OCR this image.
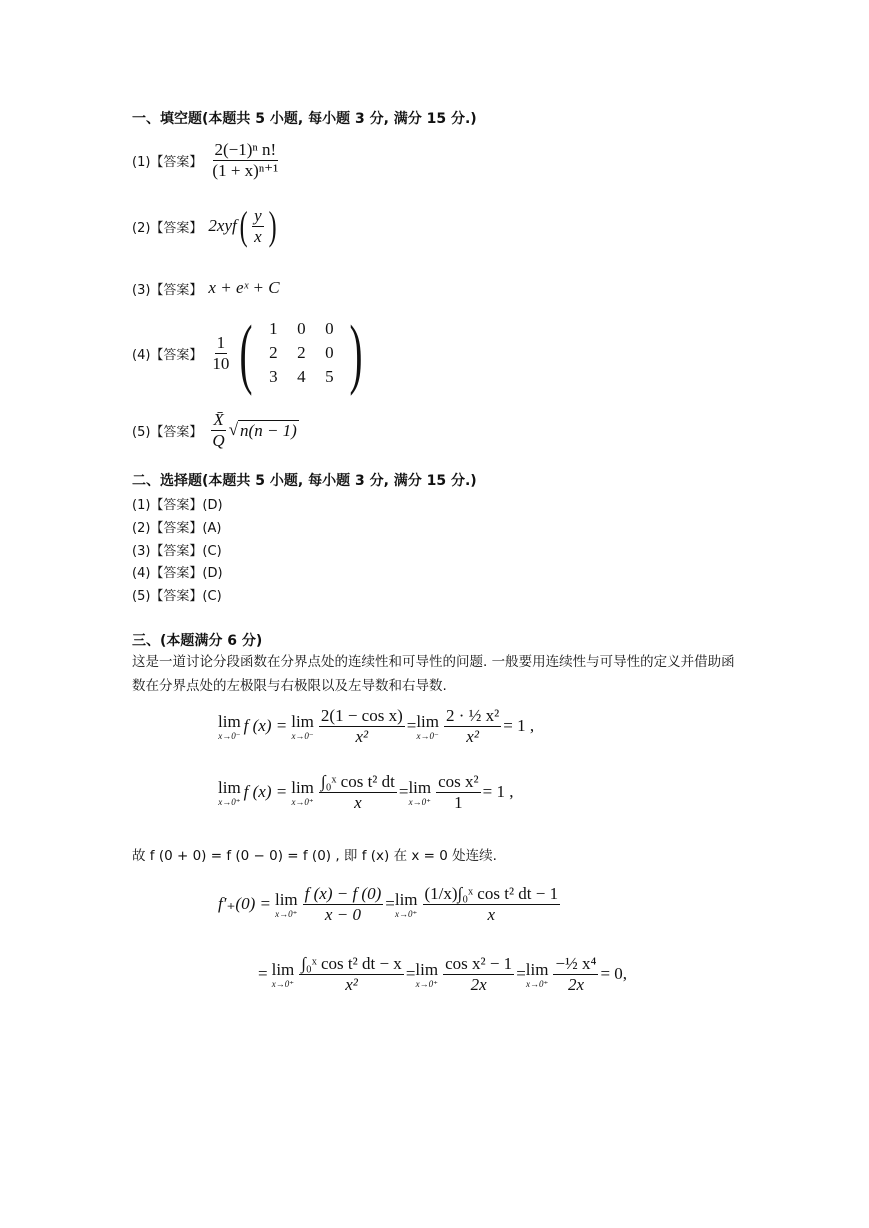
一、填空题(本题共 5 小题, 每小题 3 分, 满分 15 分.)
(1)【答案】 $\frac{\text{2(−1)ⁿ n!}}{\text{(1 + x)ⁿ⁺¹}}$
(2)【答案】 2xyf ( $\frac{y}{x}$ )
(3)【答案】 x + eˣ + C
(4)【答案】 $\frac{1}{10}$ ( 1	0	0
2	2	0
3	4	5 )
(5)【答案】 $\frac{X̄}{Q}$ √ n(n − 1)
二、选择题(本题共 5 小题, 每小题 3 分, 满分 15 分.)
(1)【答案】(D)
(2)【答案】(A)
(3)【答案】(C)
(4)【答案】(D)
(5)【答案】(C)
三、(本题满分 6 分)
这是一道讨论分段函数在分界点处的连续性和可导性的问题. 一般要用连续性与可导性的定义并借助函数在分界点处的左极限与右极限以及左导数和右导数.
lim
x→0⁻
f (x) = lim
$x\to 0^- \frac{\text{2(1 − cos x)}}{\text{x²}} = \lim$
$x\to 0^- \frac{\text{2 · ½ x²}}{\text{x²}} = 1$ ,
lim
x→0⁺
f (x) = lim
$x\to 0^+ \frac{\text{∫₀ˣ cos t² dt}}{x} = \lim$
$x\to 0^+ \frac{\text{cos x²}}{1} = 1$ ,
故 f (0 + 0) = f (0 − 0) = f (0) , 即 f (x) 在 x = 0 处连续.
f′₊(0) = lim
$x\to 0^+ \frac{f (x) - f (0)}{x - 0} = \lim$
$x\to 0^+ \frac{\text{(1/x)∫₀ˣ cos t² dt − 1}}{x}$
= lim
$x\to 0^+ \frac{\text{∫₀ˣ cos t² dt − x}}{\text{x²}} = \lim$
$x\to 0^+ \frac{\text{cos x² − 1}}{2x} = \lim$
$x\to 0^+ \frac{\text{−½ x⁴}}{2x} = 0$,
